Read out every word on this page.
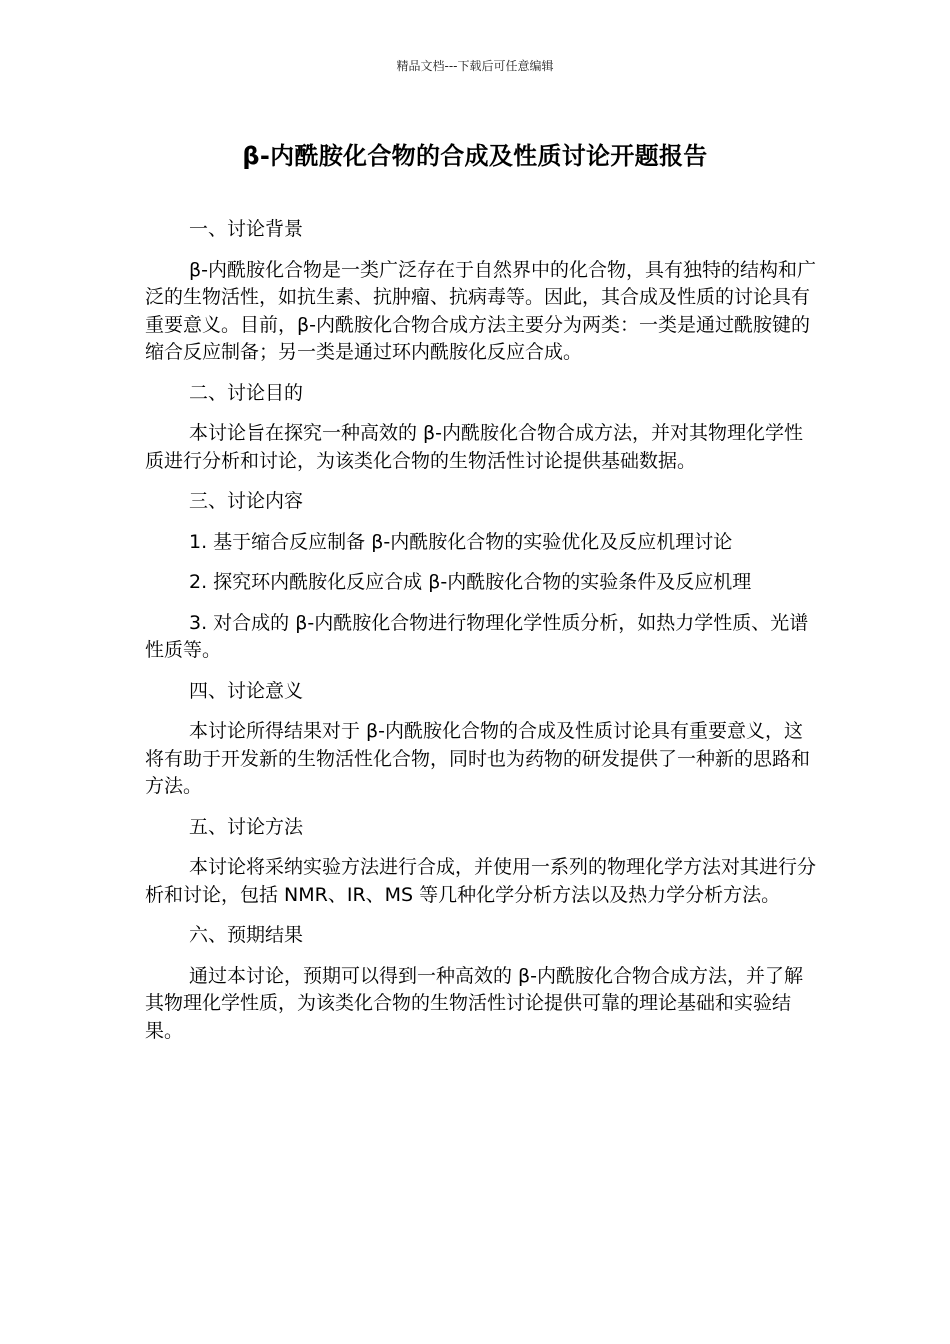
精品文档---下载后可任意编辑
β-内酰胺化合物的合成及性质讨论开题报告

一、讨论背景

β-内酰胺化合物是一类广泛存在于自然界中的化合物，具有独特的结构和广泛的生物活性，如抗生素、抗肿瘤、抗病毒等。因此，其合成及性质的讨论具有重要意义。目前，β-内酰胺化合物合成方法主要分为两类：一类是通过酰胺键的缩合反应制备；另一类是通过环内酰胺化反应合成。

二、讨论目的

本讨论旨在探究一种高效的 β-内酰胺化合物合成方法，并对其物理化学性质进行分析和讨论，为该类化合物的生物活性讨论提供基础数据。

三、讨论内容

1. 基于缩合反应制备 β-内酰胺化合物的实验优化及反应机理讨论

2. 探究环内酰胺化反应合成 β-内酰胺化合物的实验条件及反应机理

3. 对合成的 β-内酰胺化合物进行物理化学性质分析，如热力学性质、光谱性质等。

四、讨论意义

本讨论所得结果对于 β-内酰胺化合物的合成及性质讨论具有重要意义，这将有助于开发新的生物活性化合物，同时也为药物的研发提供了一种新的思路和方法。

五、讨论方法

本讨论将采纳实验方法进行合成，并使用一系列的物理化学方法对其进行分析和讨论，包括 NMR、IR、MS 等几种化学分析方法以及热力学分析方法。

六、预期结果

通过本讨论，预期可以得到一种高效的 β-内酰胺化合物合成方法，并了解其物理化学性质，为该类化合物的生物活性讨论提供可靠的理论基础和实验结果。
